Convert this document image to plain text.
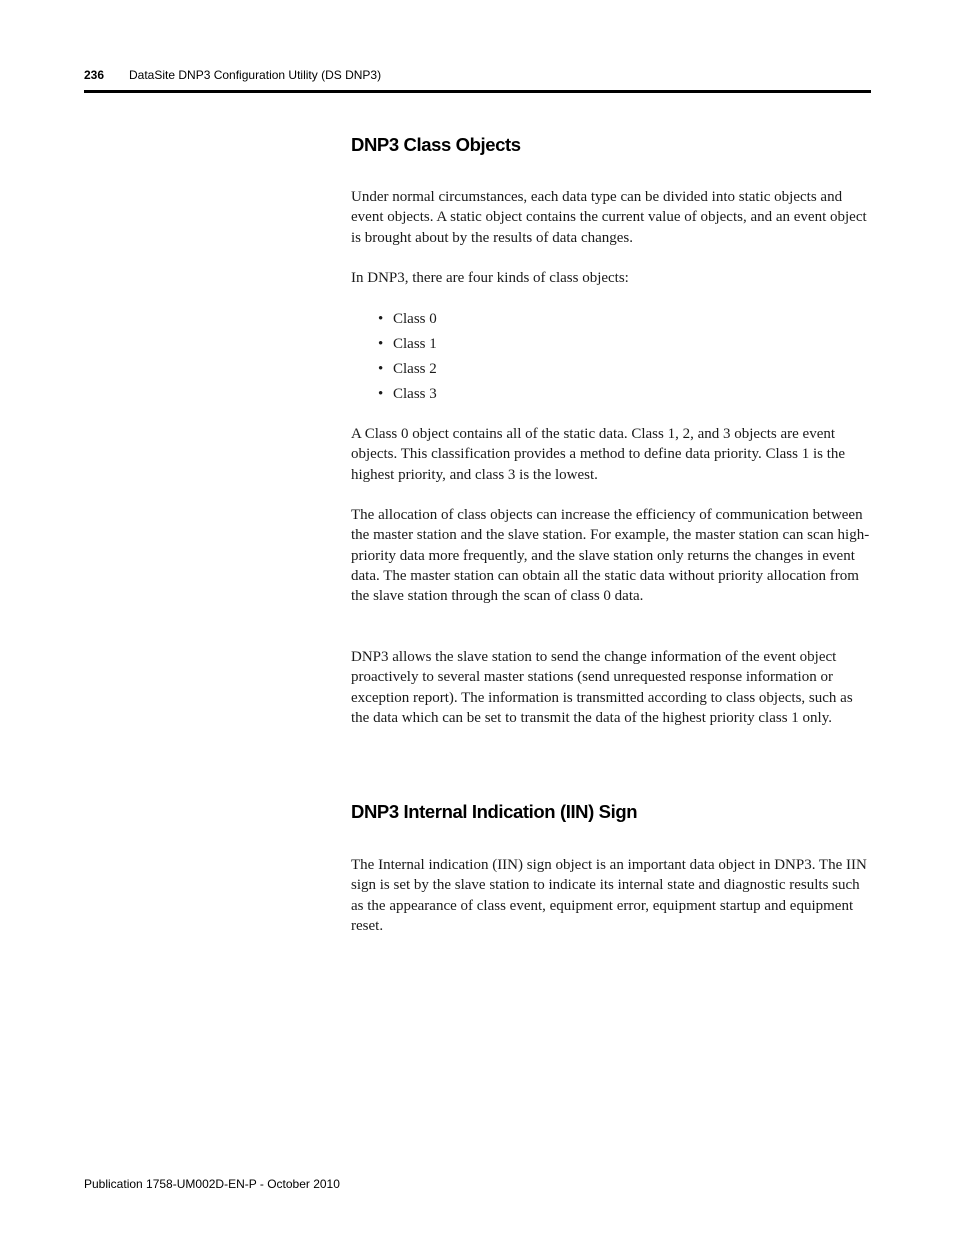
236 DataSite DNP3 Configuration Utility (DS DNP3)
DNP3 Class Objects

Under normal circumstances, each data type can be divided into static objects and event objects. A static object contains the current value of objects, and an event object is brought about by the results of data changes.

In DNP3, there are four kinds of class objects:

• Class 0
• Class 1
• Class 2
• Class 3

A Class 0 object contains all of the static data. Class 1, 2, and 3 objects are event objects. This classification provides a method to define data priority. Class 1 is the highest priority, and class 3 is the lowest.

The allocation of class objects can increase the efficiency of communication between the master station and the slave station. For example, the master station can scan high-priority data more frequently, and the slave station only returns the changes in event data. The master station can obtain all the static data without priority allocation from the slave station through the scan of class 0 data.

DNP3 allows the slave station to send the change information of the event object proactively to several master stations (send unrequested response information or exception report). The information is transmitted according to class objects, such as the data which can be set to transmit the data of the highest priority class 1 only.

DNP3 Internal Indication (IIN) Sign

The Internal indication (IIN) sign object is an important data object in DNP3. The IIN sign is set by the slave station to indicate its internal state and diagnostic results such as the appearance of class event, equipment error, equipment startup and equipment reset.

Publication 1758-UM002D-EN-P - October 2010
